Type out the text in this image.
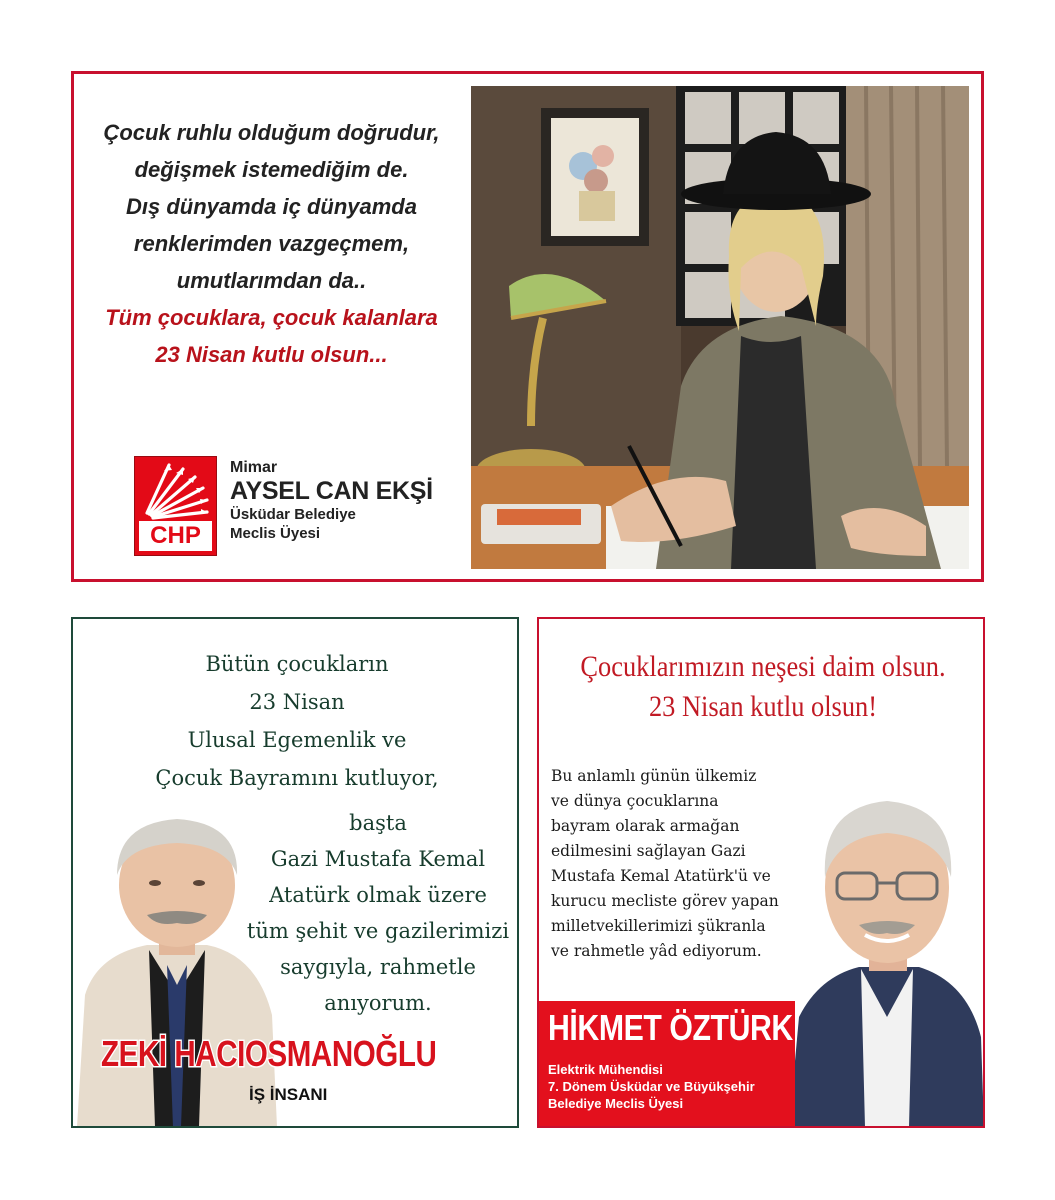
Çocuk ruhlu olduğum doğrudur,
değişmek istemediğim de.
Dış dünyamda iç dünyamda
renklerimden vazgeçmem,
umutlarımdan da..
Tüm çocuklara, çocuk kalanlara
23 Nisan kutlu olsun...
CHP
Mimar
AYSEL CAN EKŞİ
Üsküdar Belediye
Meclis Üyesi
Bütün çocukların
23 Nisan
Ulusal Egemenlik ve
Çocuk Bayramını kutluyor,
başta
Gazi Mustafa Kemal
Atatürk olmak üzere
tüm şehit ve gazilerimizi
saygıyla, rahmetle
anıyorum.
ZEKİ HACIOSMANOĞLU
İŞ İNSANI
Çocuklarımızın neşesi daim olsun.
23 Nisan kutlu olsun!
Bu anlamlı günün ülkemiz
ve dünya çocuklarına
bayram olarak armağan
edilmesini sağlayan Gazi
Mustafa Kemal Atatürk'ü ve
kurucu mecliste görev yapan
milletvekillerimizi şükranla
ve rahmetle yâd ediyorum.
HİKMET ÖZTÜRK
Elektrik Mühendisi
7. Dönem Üsküdar ve Büyükşehir
Belediye Meclis Üyesi
